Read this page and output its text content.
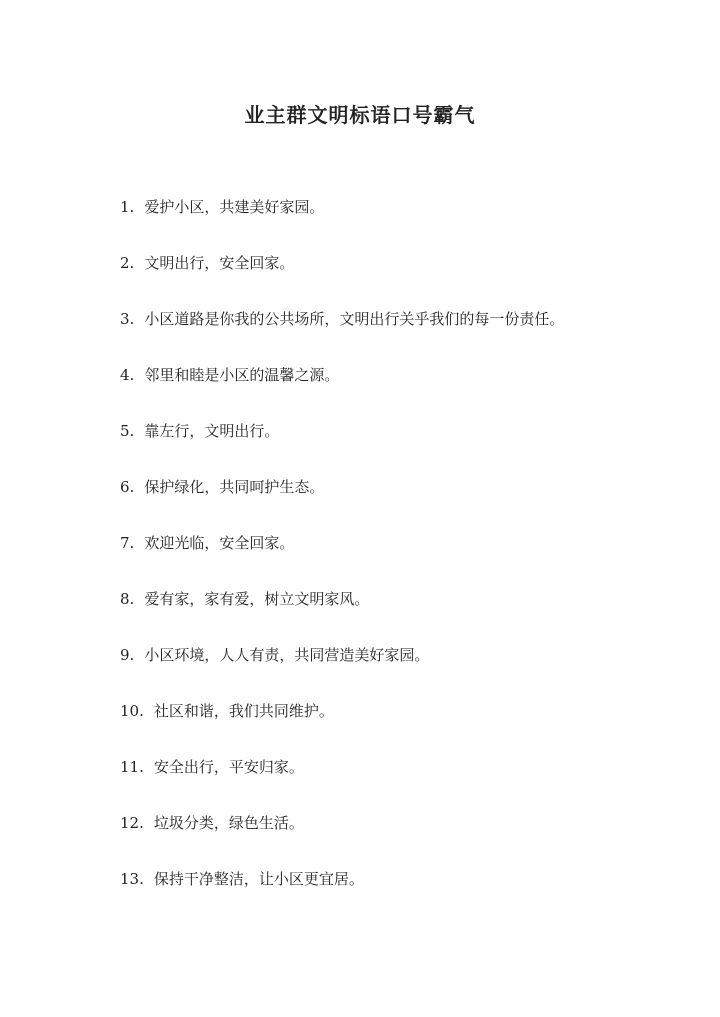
业主群文明标语口号霸气
1. 爱护小区，共建美好家园。
2. 文明出行，安全回家。
3. 小区道路是你我的公共场所，文明出行关乎我们的每一份责任。
4. 邻里和睦是小区的温馨之源。
5. 靠左行，文明出行。
6. 保护绿化，共同呵护生态。
7. 欢迎光临，安全回家。
8. 爱有家，家有爱，树立文明家风。
9. 小区环境，人人有责，共同营造美好家园。
10. 社区和谐，我们共同维护。
11. 安全出行，平安归家。
12. 垃圾分类，绿色生活。
13. 保持干净整洁，让小区更宜居。
